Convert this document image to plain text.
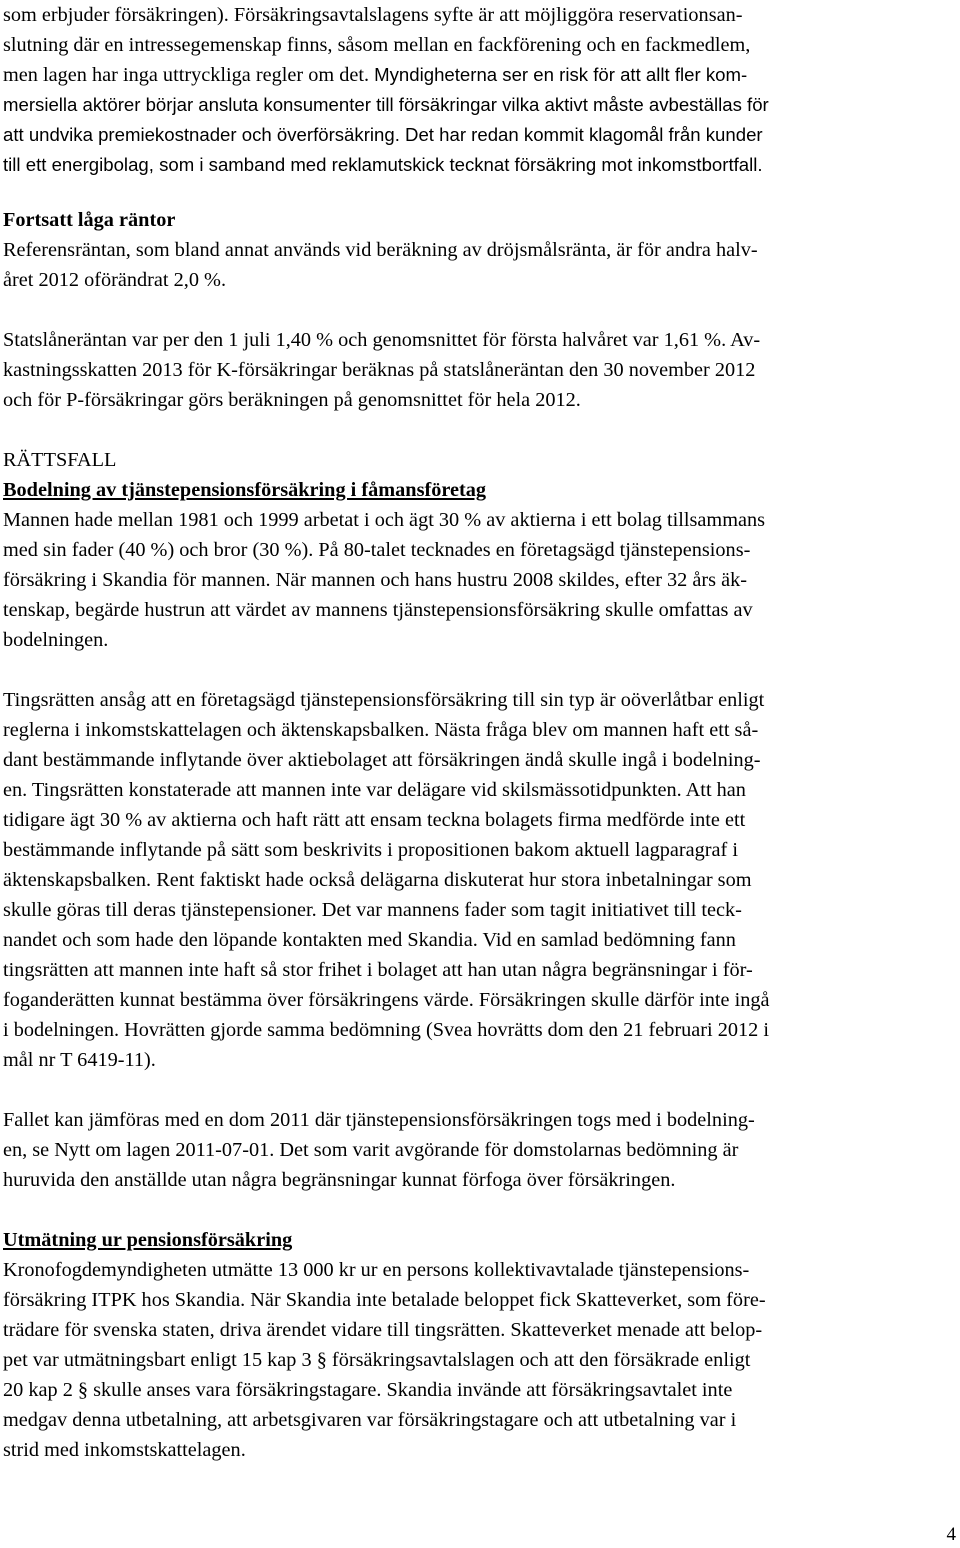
som erbjuder försäkringen). Försäkringsavtalslagens syfte är att möjliggöra reservationsan-
slutning där en intressegemenskap finns, såsom mellan en fackförening och en fackmedlem,
men lagen har inga uttryckliga regler om det. Myndigheterna ser en risk för att allt fler kom-
mersiella aktörer börjar ansluta konsumenter till försäkringar vilka aktivt måste avbeställas för
att undvika premiekostnader och överförsäkring. Det har redan kommit klagomål från kunder
till ett energibolag, som i samband med reklamutskick tecknat försäkring mot inkomstbortfall.
Fortsatt låga räntor
Referensräntan, som bland annat används vid beräkning av dröjsmålsränta, är för andra halv-
året 2012 oförändrat 2,0 %.
Statslåneräntan var per den 1 juli 1,40 % och genomsnittet för första halvåret var 1,61 %. Av-
kastningsskatten 2013 för K-försäkringar beräknas på statslåneräntan den 30 november 2012
och för P-försäkringar görs beräkningen på genomsnittet för hela 2012.
RÄTTSFALL
Bodelning av tjänstepensionsförsäkring i fåmansföretag
Mannen hade mellan 1981 och 1999 arbetat i och ägt 30 % av aktierna i ett bolag tillsammans
med sin fader (40 %) och bror (30 %). På 80-talet tecknades en företagsägd tjänstepensions-
försäkring i Skandia för mannen. När mannen och hans hustru 2008 skildes, efter 32 års äk-
tenskap, begärde hustrun att värdet av mannens tjänstepensionsförsäkring skulle omfattas av
bodelningen.
Tingsrätten ansåg att en företagsägd tjänstepensionsförsäkring till sin typ är oöverlåtbar enligt
reglerna i inkomstskattelagen och äktenskapsbalken. Nästa fråga blev om mannen haft ett så-
dant bestämmande inflytande över aktiebolaget att försäkringen ändå skulle ingå i bodelning-
en. Tingsrätten konstaterade att mannen inte var delägare vid skilsmässotidpunkten. Att han
tidigare ägt 30 % av aktierna och haft rätt att ensam teckna bolagets firma medförde inte ett
bestämmande inflytande på sätt som beskrivits i propositionen bakom aktuell lagparagraf i
äktenskapsbalken. Rent faktiskt hade också delägarna diskuterat hur stora inbetalningar som
skulle göras till deras tjänstepensioner. Det var mannens fader som tagit initiativet till teck-
nandet och som hade den löpande kontakten med Skandia. Vid en samlad bedömning fann
tingsrätten att mannen inte haft så stor frihet i bolaget att han utan några begränsningar i för-
foganderätten kunnat bestämma över försäkringens värde. Försäkringen skulle därför inte ingå
i bodelningen. Hovrätten gjorde samma bedömning (Svea hovrätts dom den 21 februari 2012 i
mål nr T 6419-11).
Fallet kan jämföras med en dom 2011 där tjänstepensionsförsäkringen togs med i bodelning-
en, se Nytt om lagen 2011-07-01. Det som varit avgörande för domstolarnas bedömning är
huruvida den anställde utan några begränsningar kunnat förfoga över försäkringen.
Utmätning ur pensionsförsäkring
Kronofogdemyndigheten utmätte 13 000 kr ur en persons kollektivavtalade tjänstepensions-
försäkring ITPK hos Skandia. När Skandia inte betalade beloppet fick Skatteverket, som före-
trädare för svenska staten, driva ärendet vidare till tingsrätten. Skatteverket menade att belop-
pet var utmätningsbart enligt 15 kap 3 § försäkringsavtalslagen och att den försäkrade enligt
20 kap 2 § skulle anses vara försäkringstagare. Skandia invände att försäkringsavtalet inte
medgav denna utbetalning, att arbetsgivaren var försäkringstagare och att utbetalning var i
strid med inkomstskattelagen.
4
